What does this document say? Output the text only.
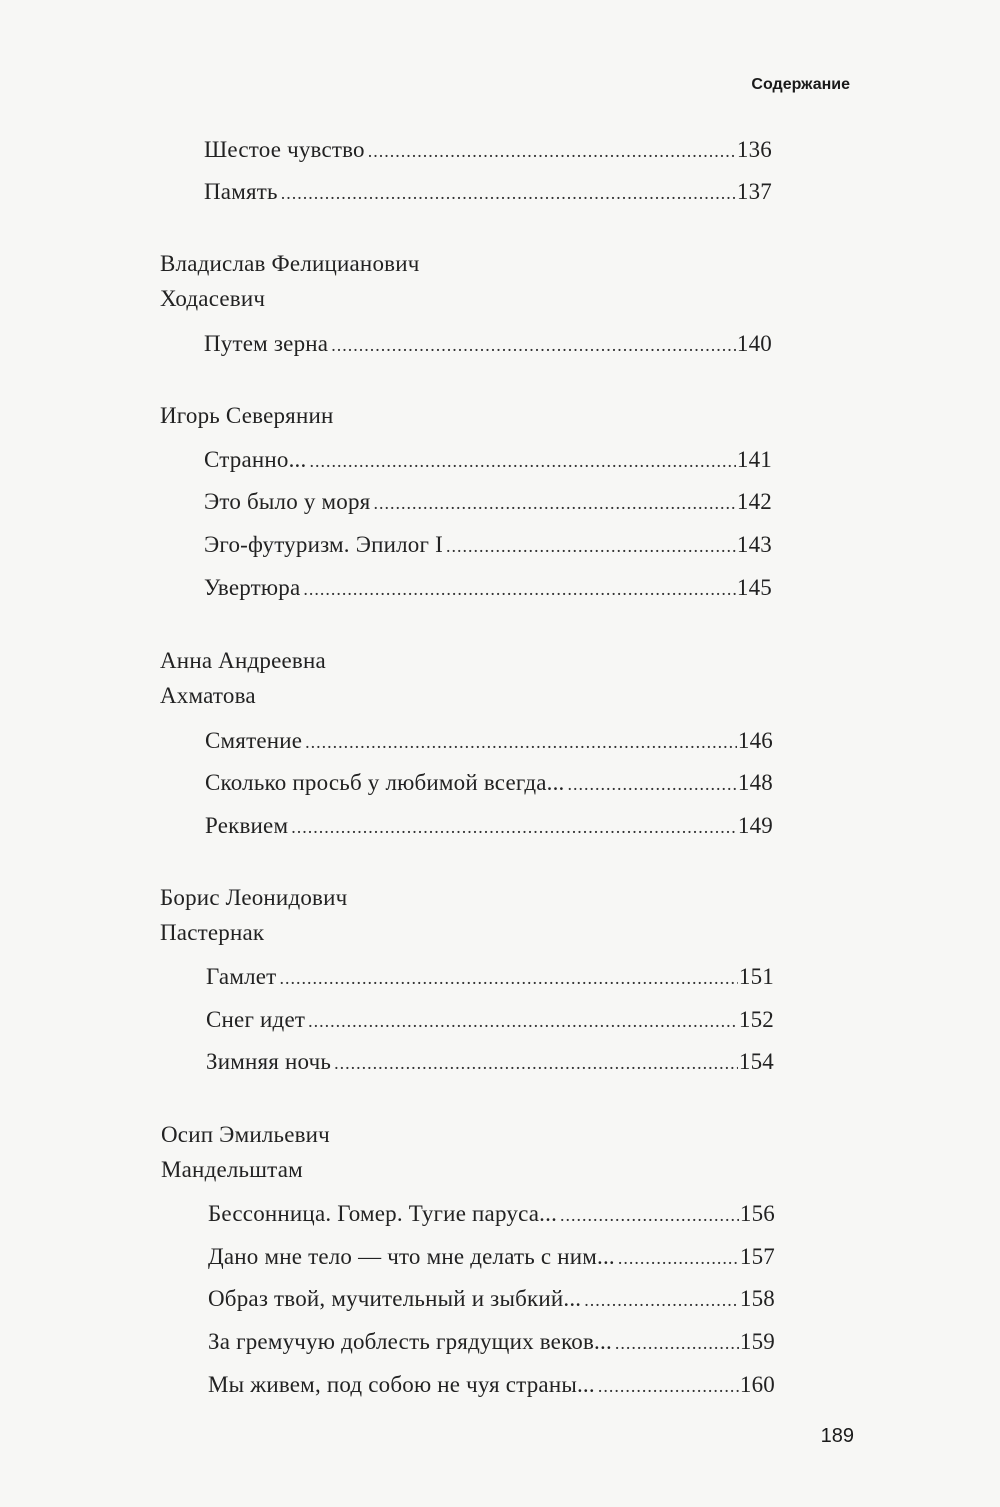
Содержание
Шестое чувство .....	136
Память .....	137
Владислав Фелицианович
Ходасевич
Путем зерна .....	140
Игорь Северянин
Странно... .....	141
Это было у моря .....	142
Эго-футуризм. Эпилог I .....	143
Увертюра .....	145
Анна Андреевна
Ахматова
Смятение .....	146
Сколько просьб у любимой всегда... .....	148
Реквием .....	149
Борис Леонидович
Пастернак
Гамлет .....	151
Снег идет .....	152
Зимняя ночь .....	154
Осип Эмильевич
Мандельштам
Бессонница. Гомер. Тугие паруса... .....	156
Дано мне тело — что мне делать с ним... .....	157
Образ твой, мучительный и зыбкий... .....	158
За гремучую доблесть грядущих веков... .....	159
Мы живем, под собою не чуя страны... .....	160
189
